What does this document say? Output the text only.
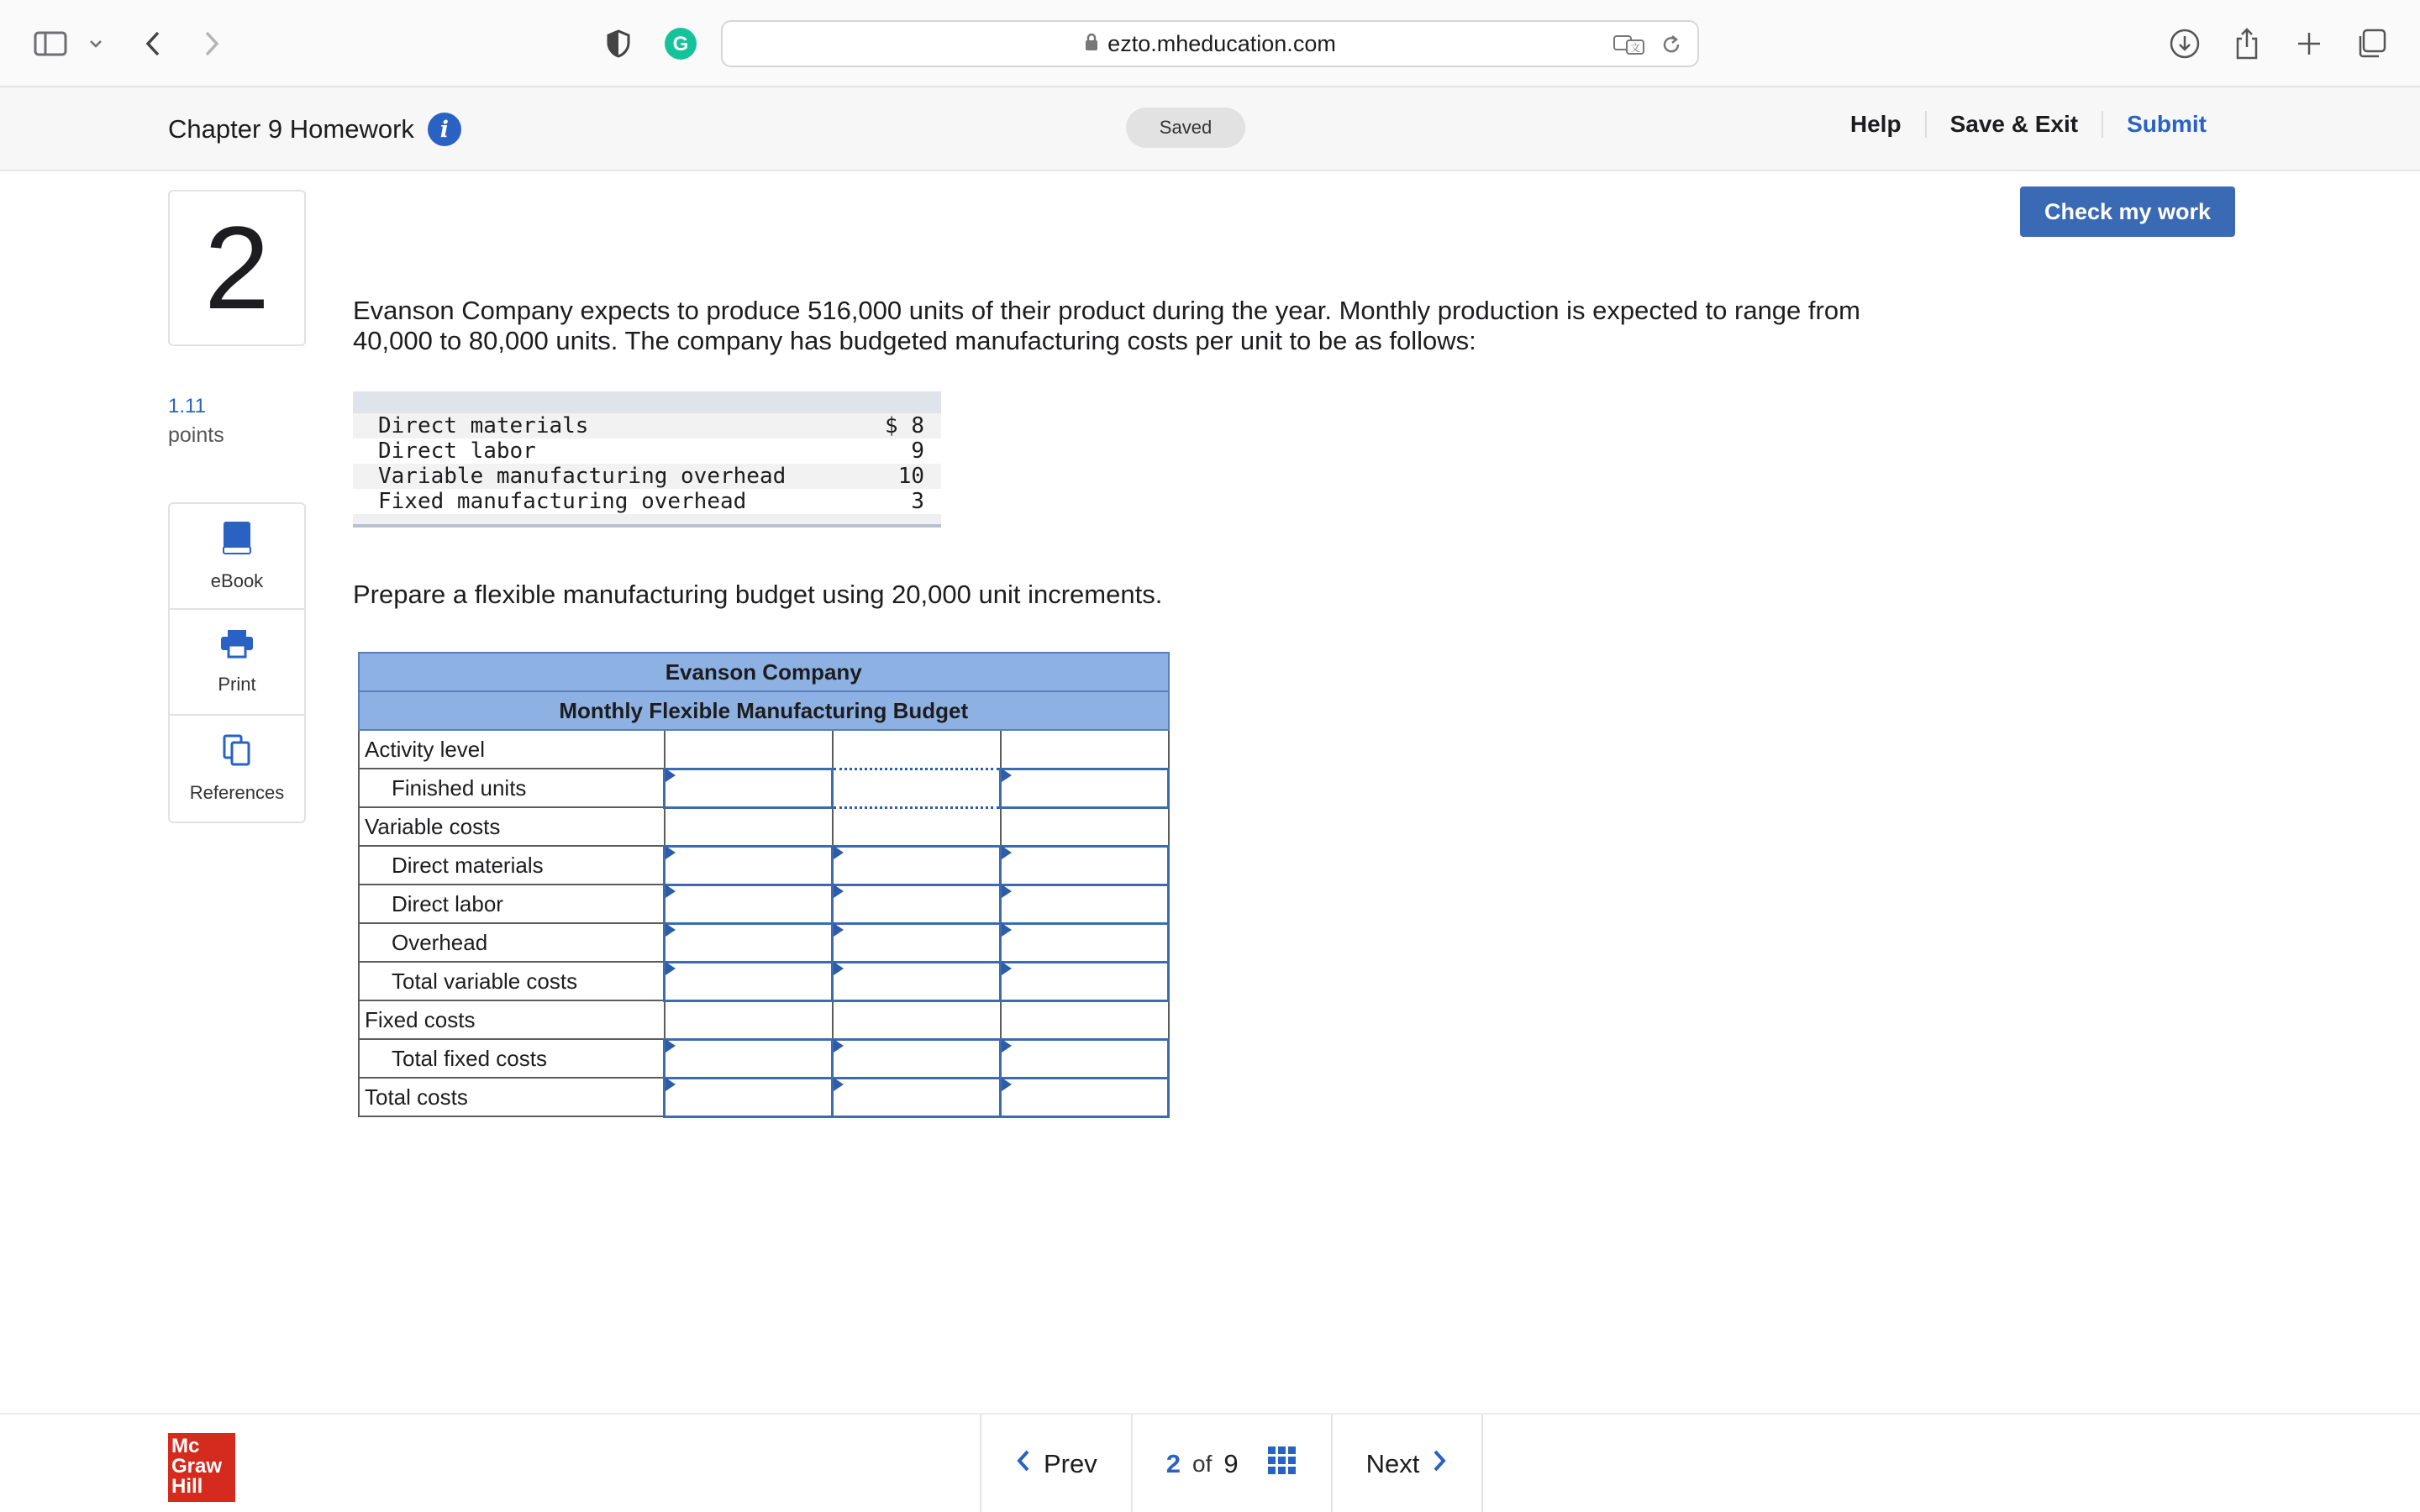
G	ezto.mheducation.com	文
Chapter 9 Homework	i	Saved	Help	Save & Exit	Submit
2
1.11
points
eBook
Print
References
Check my work
Evanson Company expects to produce 516,000 units of their product during the year. Monthly production is expected to range from 40,000 to 80,000 units. The company has budgeted manufacturing costs per unit to be as follows:

Direct materials	$ 8
Direct labor	9
Variable manufacturing overhead	10
Fixed manufacturing overhead	3

Prepare a flexible manufacturing budget using 20,000 unit increments.
Evanson Company			
Monthly Flexible Manufacturing Budget			
Activity level			
Finished units			
Variable costs			
Direct materials			
Direct labor			
Overhead			
Total variable costs			
Fixed costs			
Total fixed costs			
Total costs			
Mc
Graw
Hill
Prev	2 of 9	Next
